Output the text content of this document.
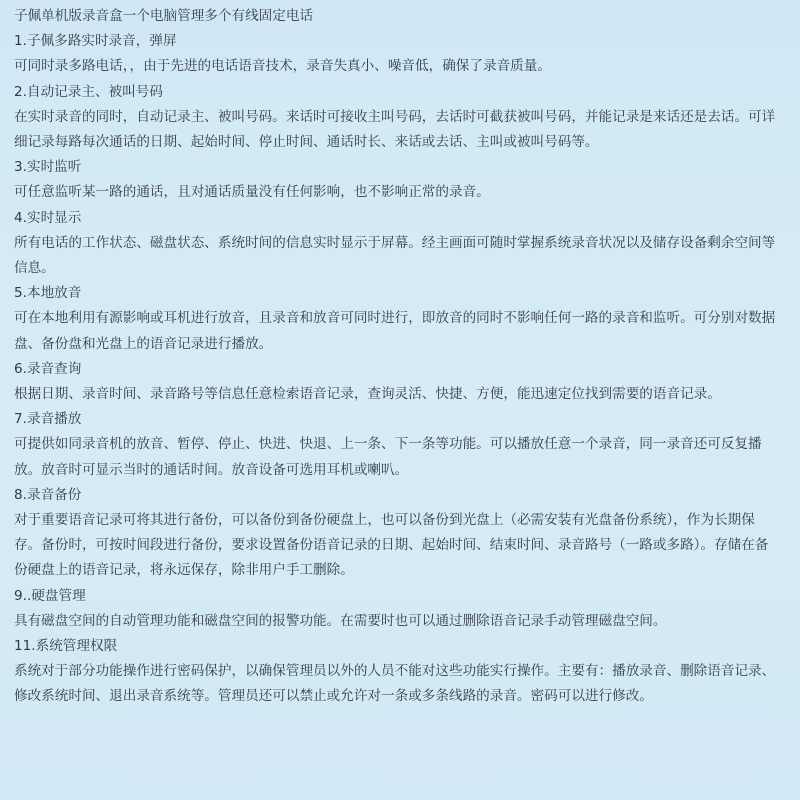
子佩单机版录音盒一个电脑管理多个有线固定电话

1.子佩多路实时录音，弹屏

可同时录多路电话，，由于先进的电话语音技术，录音失真小、噪音低，确保了录音质量。

2.自动记录主、被叫号码

在实时录音的同时，自动记录主、被叫号码。来话时可接收主叫号码，去话时可截获被叫号码，并能记录是来话还是去话。可详细记录每路每次通话的日期、起始时间、停止时间、通话时长、来话或去话、主叫或被叫号码等。

3.实时监听

可任意监听某一路的通话，且对通话质量没有任何影响，也不影响正常的录音。

4.实时显示

所有电话的工作状态、磁盘状态、系统时间的信息实时显示于屏幕。经主画面可随时掌握系统录音状况以及储存设备剩余空间等信息。

5.本地放音

可在本地利用有源影响或耳机进行放音，且录音和放音可同时进行，即放音的同时不影响任何一路的录音和监听。可分别对数据盘、备份盘和光盘上的语音记录进行播放。

6.录音查询

根据日期、录音时间、录音路号等信息任意检索语音记录，查询灵活、快捷、方便，能迅速定位找到需要的语音记录。

7.录音播放

可提供如同录音机的放音、暂停、停止、快进、快退、上一条、下一条等功能。可以播放任意一个录音，同一录音还可反复播放。放音时可显示当时的通话时间。放音设备可选用耳机或喇叭。

8.录音备份

对于重要语音记录可将其进行备份，可以备份到备份硬盘上，也可以备份到光盘上（必需安装有光盘备份系统），作为长期保存。备份时，可按时间段进行备份，要求设置备份语音记录的日期、起始时间、结束时间、录音路号（一路或多路）。存储在备份硬盘上的语音记录，将永远保存，除非用户手工删除。

9..硬盘管理

具有磁盘空间的自动管理功能和磁盘空间的报警功能。在需要时也可以通过删除语音记录手动管理磁盘空间。

11.系统管理权限

系统对于部分功能操作进行密码保护，以确保管理员以外的人员不能对这些功能实行操作。主要有：播放录音、删除语音记录、修改系统时间、退出录音系统等。管理员还可以禁止或允许对一条或多条线路的录音。密码可以进行修改。
